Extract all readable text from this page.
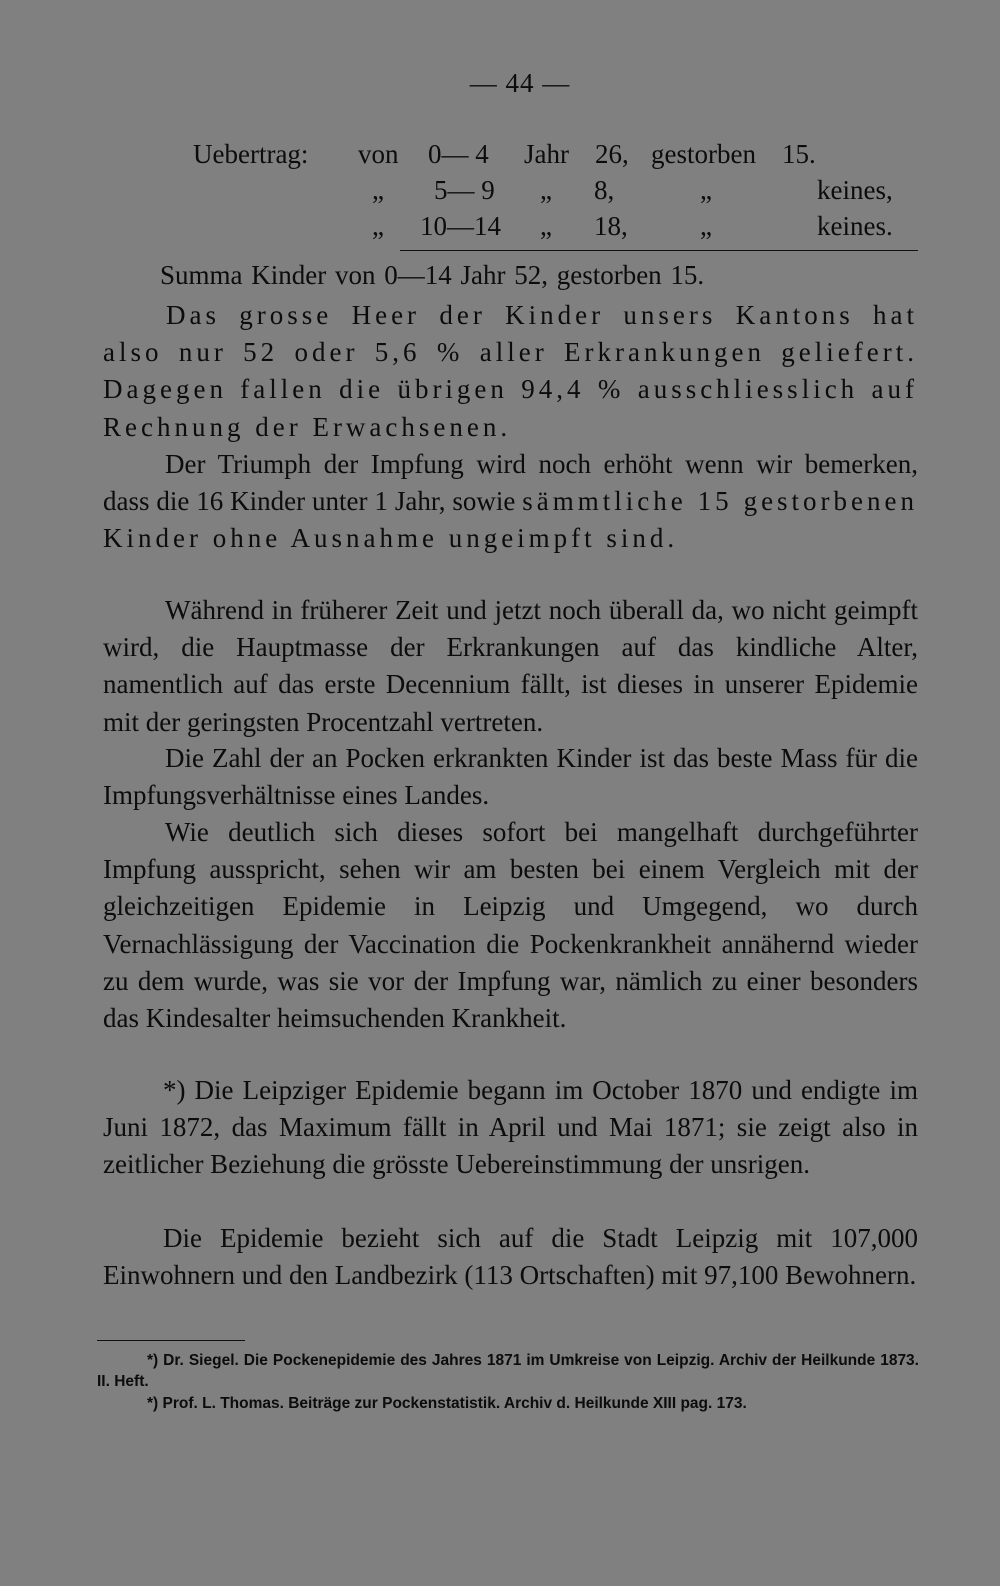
— 44 —
Uebertrag: von 0— 4 Jahr 26, gestorben 15.
„ 5— 9 „ 8,	„	keines,
„ 10—14 „ 18,	„	keines.
Summa Kinder von 0—14 Jahr 52, gestorben 15.

Das grosse Heer der Kinder unsers Kantons hat also nur 52 oder 5,6 % aller Erkrankungen geliefert. Dagegen fallen die übrigen 94,4 % ausschliesslich auf Rechnung der Erwachsenen.

Der Triumph der Impfung wird noch erhöht wenn wir bemerken, dass die 16 Kinder unter 1 Jahr, sowie sämmtliche 15 gestorbenen Kinder ohne Ausnahme ungeimpft sind.

Während in früherer Zeit und jetzt noch überall da, wo nicht geimpft wird, die Hauptmasse der Erkrankungen auf das kindliche Alter, namentlich auf das erste Decennium fällt, ist dieses in unserer Epidemie mit der geringsten Procentzahl vertreten.

Die Zahl der an Pocken erkrankten Kinder ist das beste Mass für die Impfungsverhältnisse eines Landes.

Wie deutlich sich dieses sofort bei mangelhaft durchgeführter Impfung ausspricht, sehen wir am besten bei einem Vergleich mit der gleichzeitigen Epidemie in Leipzig und Umgegend, wo durch Vernachlässigung der Vaccination die Pockenkrankheit annähernd wieder zu dem wurde, was sie vor der Impfung war, nämlich zu einer besonders das Kindesalter heimsuchenden Krankheit.

*) Die Leipziger Epidemie begann im October 1870 und endigte im Juni 1872, das Maximum fällt in April und Mai 1871; sie zeigt also in zeitlicher Beziehung die grösste Uebereinstimmung der unsrigen.

Die Epidemie bezieht sich auf die Stadt Leipzig mit 107,000 Einwohnern und den Landbezirk (113 Ortschaften) mit 97,100 Bewohnern.

*) Dr. Siegel. Die Pockenepidemie des Jahres 1871 im Umkreise von Leipzig. Archiv der Heilkunde 1873. II. Heft.

*) Prof. L. Thomas. Beiträge zur Pockenstatistik. Archiv d. Heilkunde XIII pag. 173.
